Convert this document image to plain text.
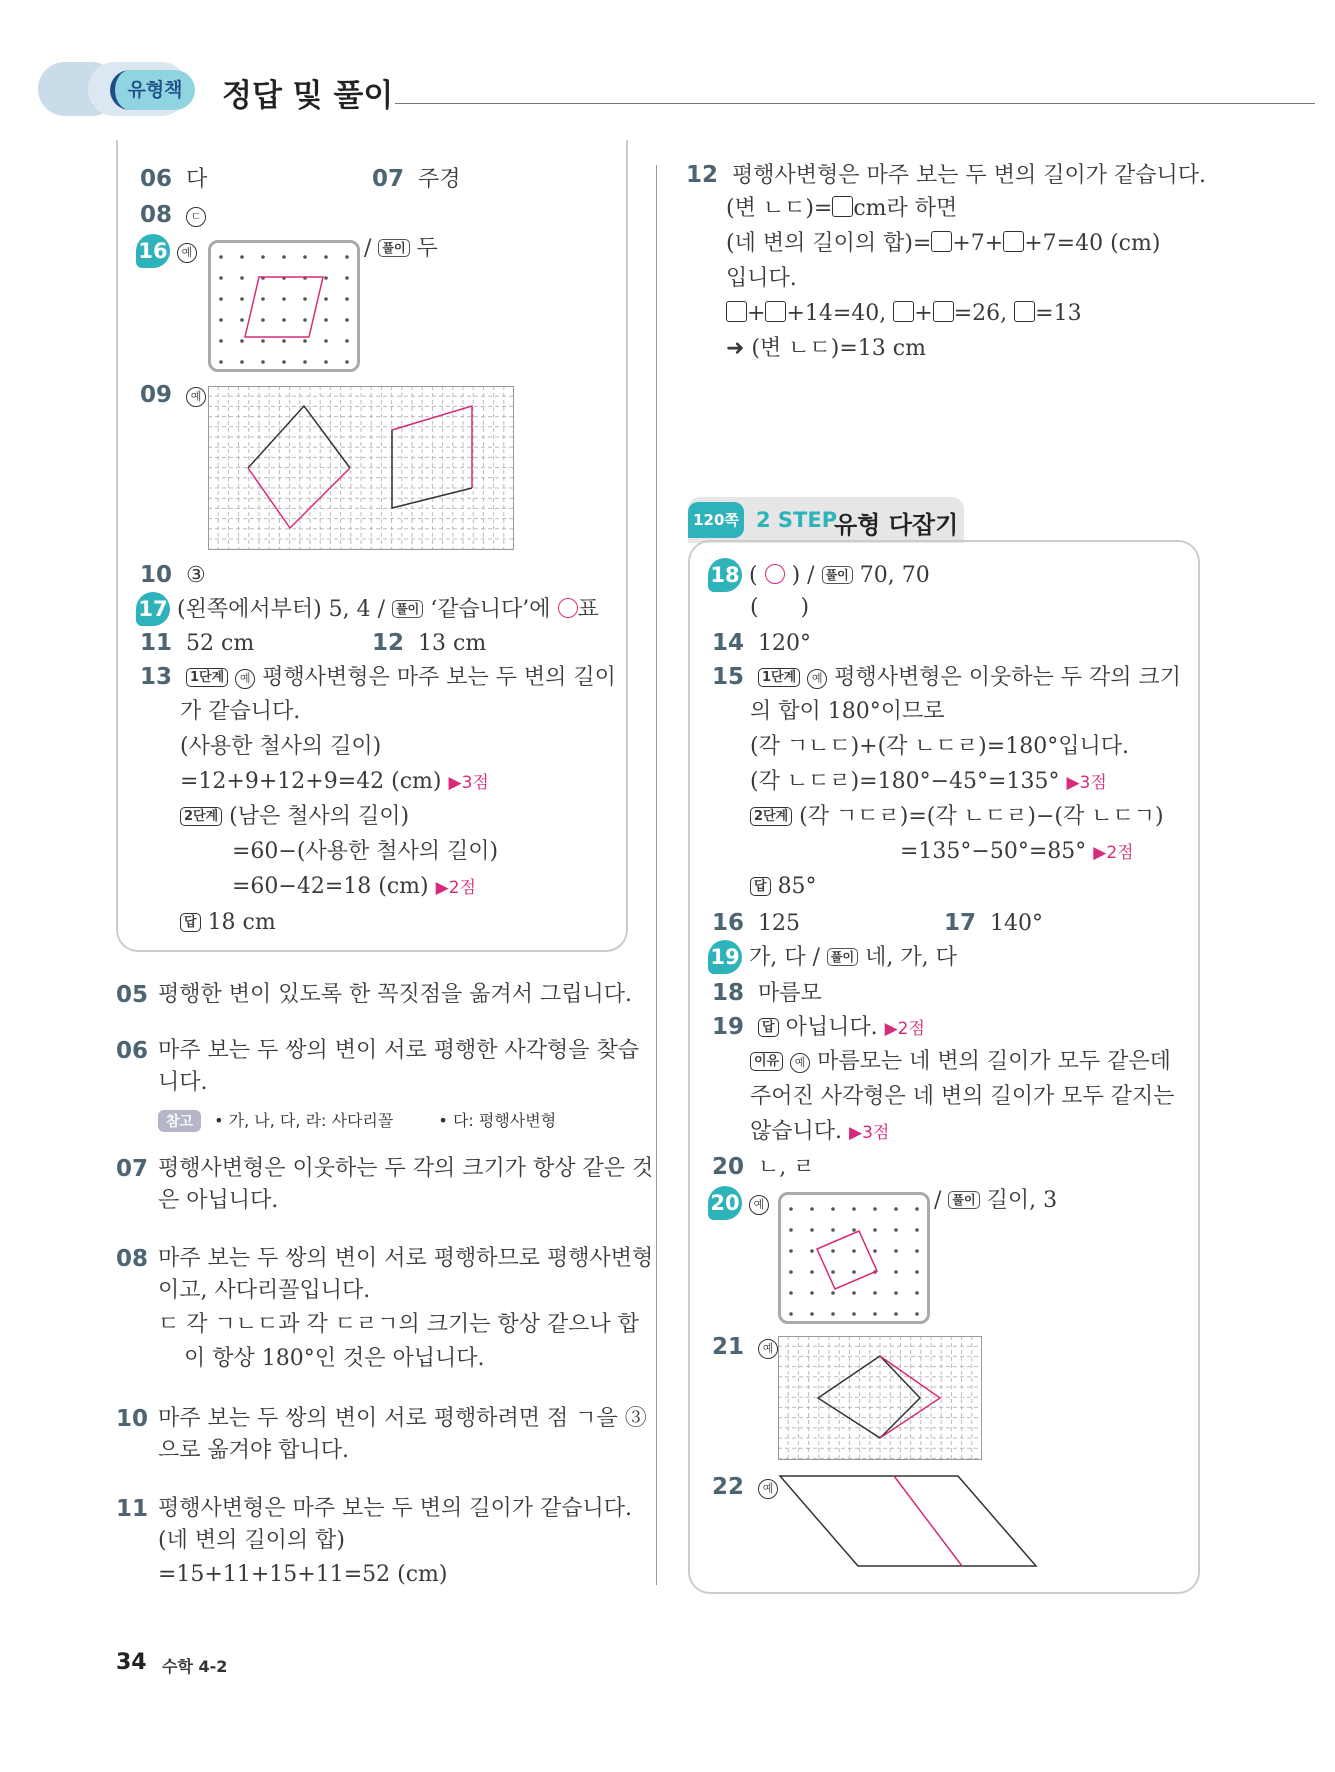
유형책	정답 및 풀이
06 다	07 주경
08 ㄷ
16 예	/ 풀이 두
09 예
10 ③
17 (왼쪽에서부터) 5, 4 / 풀이 ‘같습니다’에 표
11 52 cm	12 13 cm
13 1단계 예 평행사변형은 마주 보는 두 변의 길이
가 같습니다.
(사용한 철사의 길이)
=12+9+12+9=42 (cm) ▶3점
2단계 (남은 철사의 길이)
=60−(사용한 철사의 길이)
=60−42=18 (cm) ▶2점
답 18 cm
05 평행한 변이 있도록 한 꼭짓점을 옮겨서 그립니다.
06 마주 보는 두 쌍의 변이 서로 평행한 사각형을 찾습
니다.
참고 • 가, 나, 다, 라: 사다리꼴	• 다: 평행사변형
07 평행사변형은 이웃하는 두 각의 크기가 항상 같은 것
은 아닙니다.
08 마주 보는 두 쌍의 변이 서로 평행하므로 평행사변형
이고, 사다리꼴입니다.
ㄷ 각 ㄱㄴㄷ과 각 ㄷㄹㄱ의 크기는 항상 같으나 합
이 항상 180°인 것은 아닙니다.
10 마주 보는 두 쌍의 변이 서로 평행하려면 점 ㄱ을 ③
으로 옮겨야 합니다.
11 평행사변형은 마주 보는 두 변의 길이가 같습니다.
(네 변의 길이의 합)
=15+11+15+11=52 (cm)
12 평행사변형은 마주 보는 두 변의 길이가 같습니다.
(변 ㄴㄷ)= cm라 하면
(네 변의 길이의 합)= +7+ +7=40 (cm)
입니다.
+ +14=40, + =26, =13
➜ (변 ㄴㄷ)=13 cm
120쪽 2 STEP
유형 다잡기
18 (  ) / 풀이 70, 70
(      )
14 120°
15 1단계 예 평행사변형은 이웃하는 두 각의 크기
의 합이 180°이므로
(각 ㄱㄴㄷ)+(각 ㄴㄷㄹ)=180°입니다.
(각 ㄴㄷㄹ)=180°−45°=135° ▶3점
2단계 (각 ㄱㄷㄹ)=(각 ㄴㄷㄹ)−(각 ㄴㄷㄱ)
=135°−50°=85° ▶2점
답 85°
16 125	17 140°
19 가, 다 / 풀이 네, 가, 다
18 마름모
19 답 아닙니다. ▶2점
이유 예 마름모는 네 변의 길이가 모두 같은데
주어진 사각형은 네 변의 길이가 모두 같지는
않습니다. ▶3점
20 ㄴ, ㄹ
20 예	/ 풀이 길이, 3
21 예
22 예
34 수학 4-2
